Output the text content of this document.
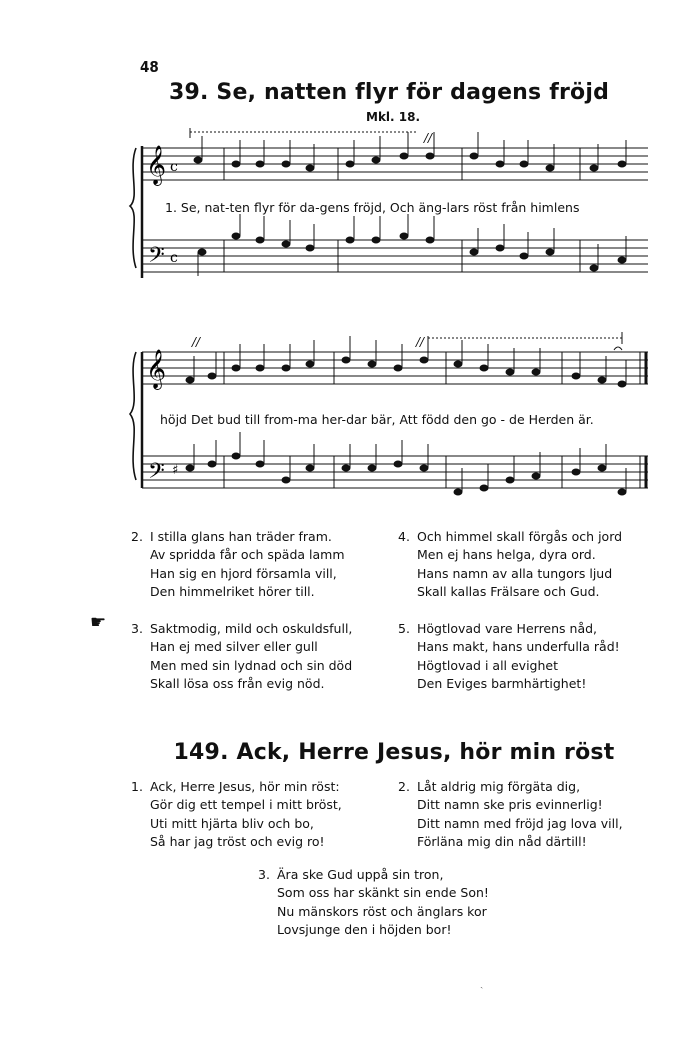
48
39. Se, natten flyr för dagens fröjd
Mkl. 18.
𝄞
𝄢
c
c
//
1. Se, nat-ten flyr för da-gens fröjd, Och äng-lars röst från himlens
𝄞
𝄢 ♯
//	//
höjd Det bud till from-ma her-dar bär, Att född den go - de Herden är.
2. I stilla glans han träder fram.
Av spridda får och späda lamm
Han sig en hjord församla vill,
Den himmelriket hörer till.
3. Saktmodig, mild och oskuldsfull,
Han ej med silver eller gull
Men med sin lydnad och sin död
Skall lösa oss från evig nöd.
4. Och himmel skall förgås och jord
Men ej hans helga, dyra ord.
Hans namn av alla tungors ljud
Skall kallas Frälsare och Gud.
5. Högtlovad vare Herrens nåd,
Hans makt, hans underfulla råd!
Högtlovad i all evighet
Den Eviges barmhärtighet!
☛
149. Ack, Herre Jesus, hör min röst
1. Ack, Herre Jesus, hör min röst:
Gör dig ett tempel i mitt bröst,
Uti mitt hjärta bliv och bo,
Så har jag tröst och evig ro!
2. Låt aldrig mig förgäta dig,
Ditt namn ske pris evinnerlig!
Ditt namn med fröjd jag lova vill,
Förläna mig din nåd därtill!
3. Ära ske Gud uppå sin tron,
Som oss har skänkt sin ende Son!
Nu mänskors röst och änglars kor
Lovsjunge den i höjden bor!
ˏ
